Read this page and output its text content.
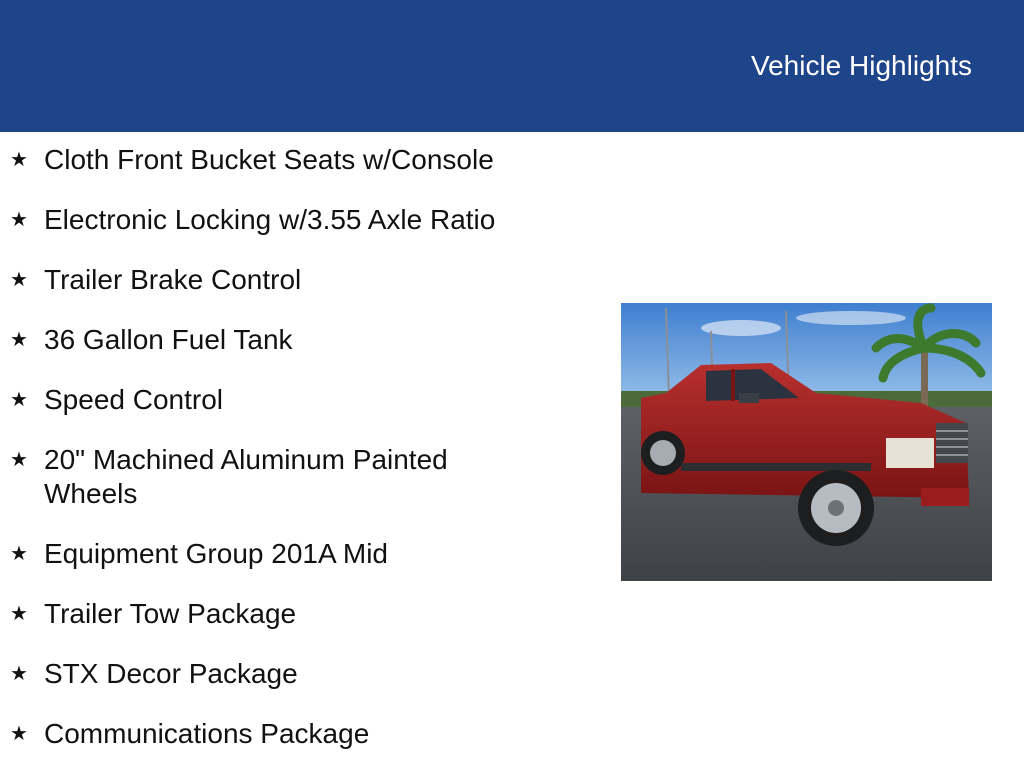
Vehicle Highlights
★ Cloth Front Bucket Seats w/Console
★ Electronic Locking w/3.55 Axle Ratio
★ Trailer Brake Control
★ 36 Gallon Fuel Tank
★ Speed Control
★ 20" Machined Aluminum Painted Wheels
★ Equipment Group 201A Mid
★ Trailer Tow Package
★ STX Decor Package
★ Communications Package
